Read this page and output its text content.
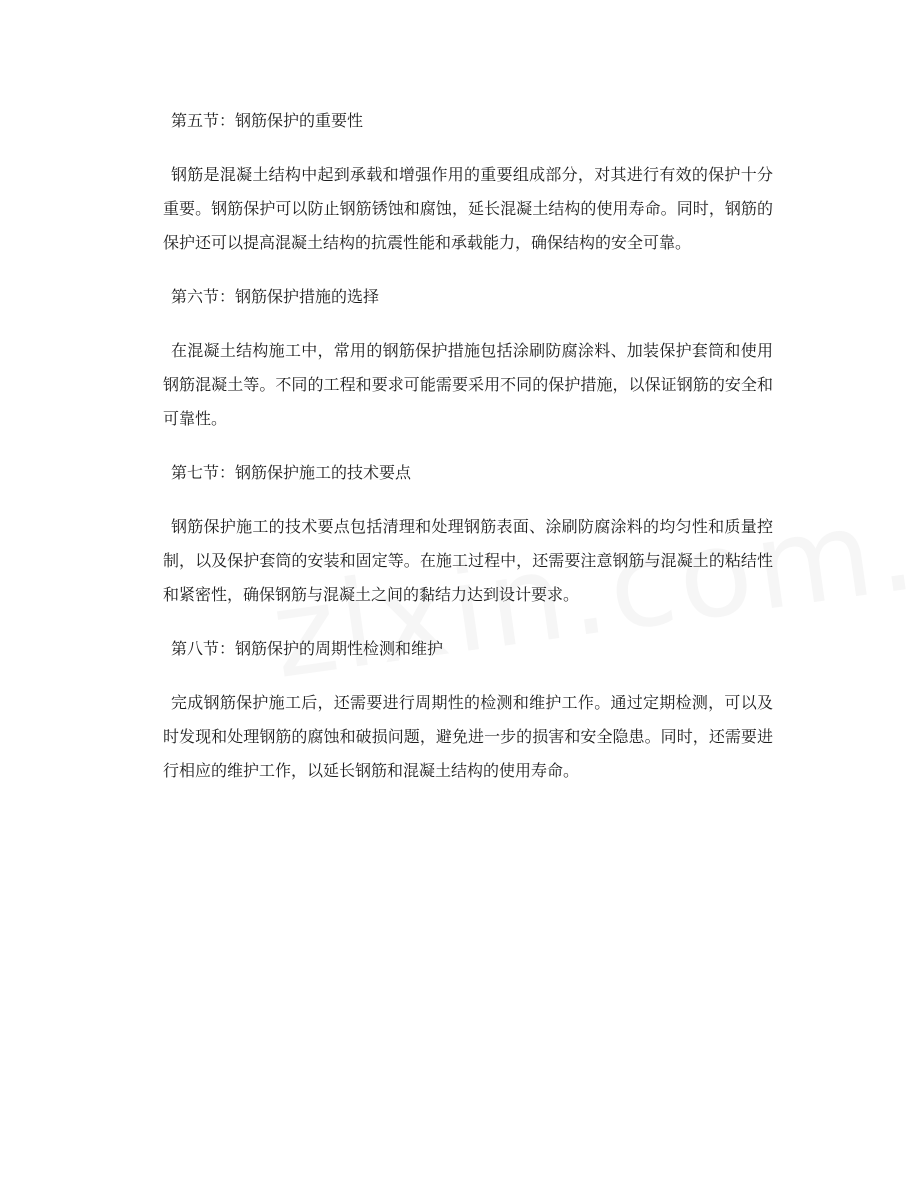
第五节：钢筋保护的重要性

钢筋是混凝土结构中起到承载和增强作用的重要组成部分，对其进行有效的保护十分重要。钢筋保护可以防止钢筋锈蚀和腐蚀，延长混凝土结构的使用寿命。同时，钢筋的保护还可以提高混凝土结构的抗震性能和承载能力，确保结构的安全可靠。

第六节：钢筋保护措施的选择

在混凝土结构施工中，常用的钢筋保护措施包括涂刷防腐涂料、加装保护套筒和使用钢筋混凝土等。不同的工程和要求可能需要采用不同的保护措施，以保证钢筋的安全和可靠性。

第七节：钢筋保护施工的技术要点

钢筋保护施工的技术要点包括清理和处理钢筋表面、涂刷防腐涂料的均匀性和质量控制，以及保护套筒的安装和固定等。在施工过程中，还需要注意钢筋与混凝土的粘结性和紧密性，确保钢筋与混凝土之间的黏结力达到设计要求。

第八节：钢筋保护的周期性检测和维护

完成钢筋保护施工后，还需要进行周期性的检测和维护工作。通过定期检测，可以及时发现和处理钢筋的腐蚀和破损问题，避免进一步的损害和安全隐患。同时，还需要进行相应的维护工作，以延长钢筋和混凝土结构的使用寿命。
